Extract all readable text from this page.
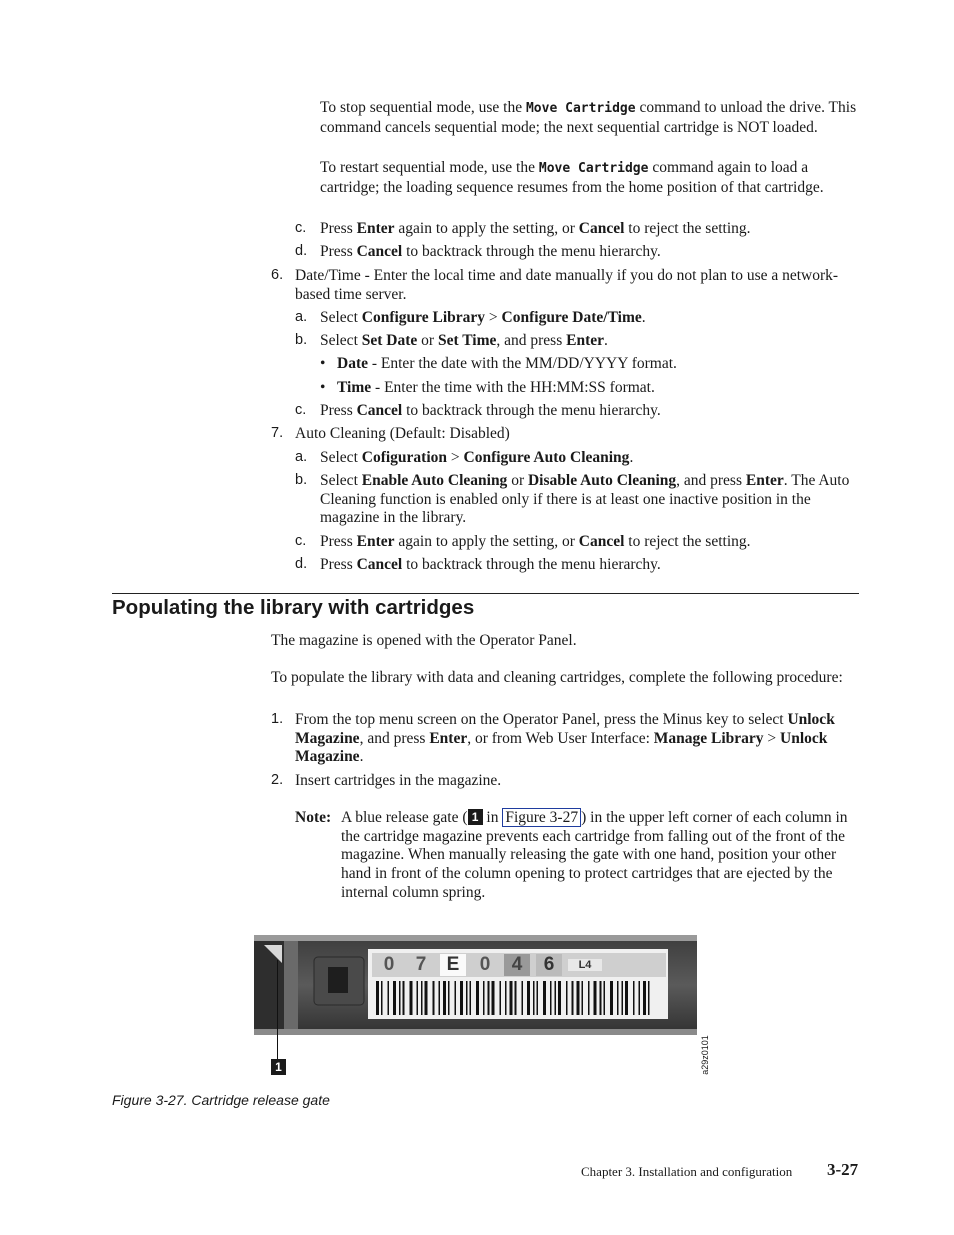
To stop sequential mode, use the Move Cartridge command to unload the drive. This command cancels sequential mode; the next sequential cartridge is NOT loaded.
To restart sequential mode, use the Move Cartridge command again to load a cartridge; the loading sequence resumes from the home position of that cartridge.
c. Press Enter again to apply the setting, or Cancel to reject the setting.
d. Press Cancel to backtrack through the menu hierarchy.
6. Date/Time - Enter the local time and date manually if you do not plan to use a network-based time server.
a. Select Configure Library > Configure Date/Time.
b. Select Set Date or Set Time, and press Enter.
• Date - Enter the date with the MM/DD/YYYY format.
• Time - Enter the time with the HH:MM:SS format.
c. Press Cancel to backtrack through the menu hierarchy.
7. Auto Cleaning (Default: Disabled)
a. Select Cofiguration > Configure Auto Cleaning.
b. Select Enable Auto Cleaning or Disable Auto Cleaning, and press Enter. The Auto Cleaning function is enabled only if there is at least one inactive position in the magazine in the library.
c. Press Enter again to apply the setting, or Cancel to reject the setting.
d. Press Cancel to backtrack through the menu hierarchy.
Populating the library with cartridges
The magazine is opened with the Operator Panel.
To populate the library with data and cleaning cartridges, complete the following procedure:
1. From the top menu screen on the Operator Panel, press the Minus key to select Unlock Magazine, and press Enter, or from Web User Interface: Manage Library > Unlock Magazine.
2. Insert cartridges in the magazine.
Note: A blue release gate ( 1 in Figure 3-27 ) in the upper left corner of each column in the cartridge magazine prevents each cartridge from falling out of the front of the magazine. When manually releasing the gate with one hand, position your other hand in front of the column opening to protect cartridges that are ejected by the internal column spring.
0	7	E	0	4	6	L4
1	a29z0101
Figure 3-27. Cartridge release gate
Chapter 3. Installation and configuration 3-27
